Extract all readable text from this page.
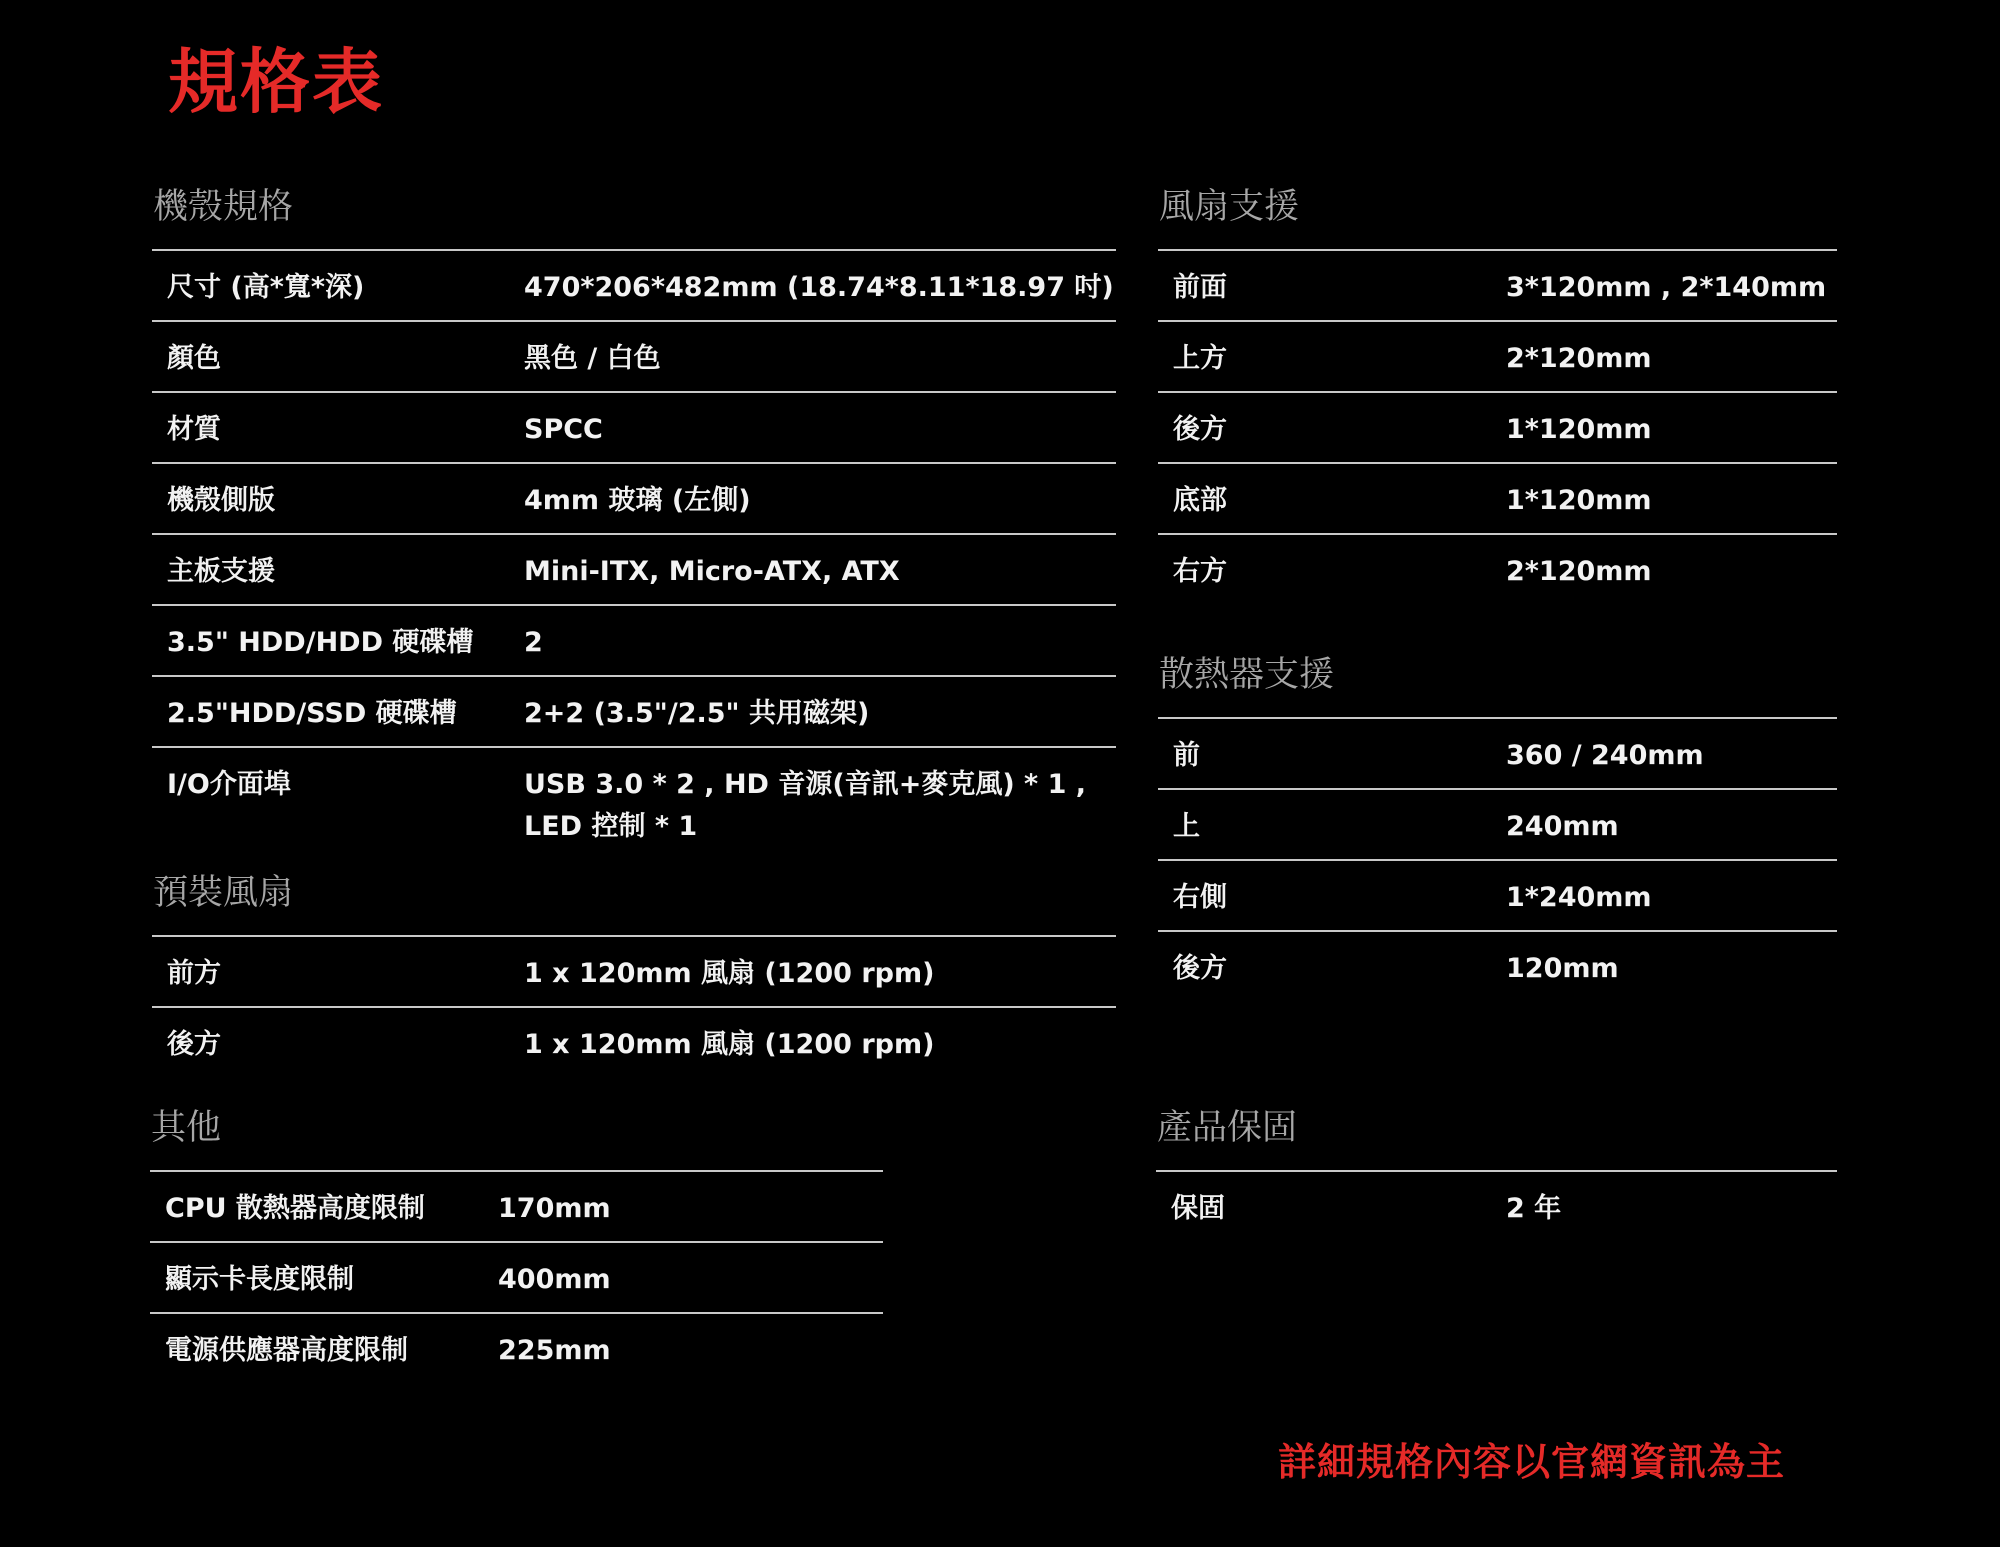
規格表
機殼規格
尺寸 (高*寬*深)	470*206*482mm (18.74*8.11*18.97 吋)
顏色	黑色 / 白色
材質	SPCC
機殼側版	4mm 玻璃 (左側)
主板支援	Mini-ITX, Micro-ATX, ATX
3.5" HDD/HDD 硬碟槽 2
2.5"HDD/SSD 硬碟槽 2+2 (3.5"/2.5" 共用磁架)
I/O介面埠	USB 3.0 * 2 , HD 音源(音訊+麥克風) * 1 ,
LED 控制 * 1
預裝風扇
前方	1 x 120mm 風扇 (1200 rpm)
後方	1 x 120mm 風扇 (1200 rpm)
其他
CPU 散熱器高度限制	170mm
顯示卡長度限制	400mm
電源供應器高度限制	225mm
風扇支援
前面	3*120mm , 2*140mm
上方	2*120mm
後方	1*120mm
底部	1*120mm
右方	2*120mm
散熱器支援
前	360 / 240mm
上	240mm
右側	1*240mm
後方	120mm
產品保固
保固	2 年
詳細規格內容以官網資訊為主
